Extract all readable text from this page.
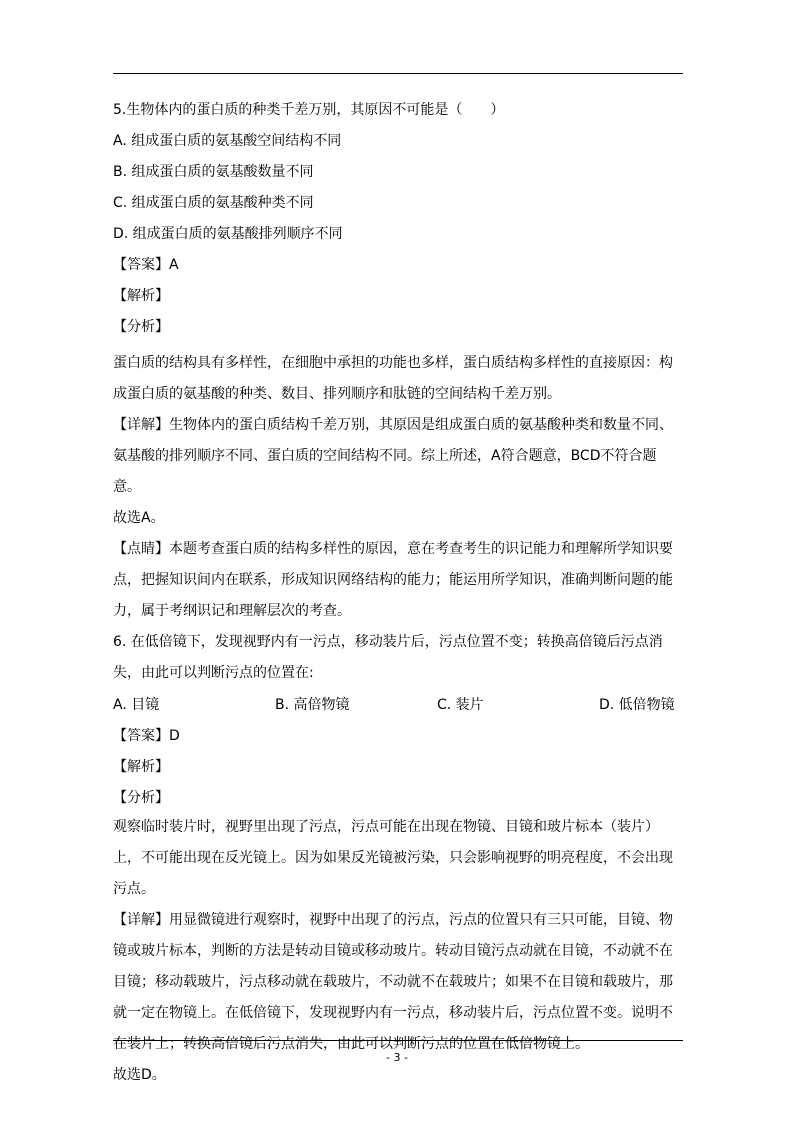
5.生物体内的蛋白质的种类千差万别，其原因不可能是（　　）

A. 组成蛋白质的氨基酸空间结构不同

B. 组成蛋白质的氨基酸数量不同

C. 组成蛋白质的氨基酸种类不同

D. 组成蛋白质的氨基酸排列顺序不同

【答案】A

【解析】

【分析】

蛋白质的结构具有多样性，在细胞中承担的功能也多样，蛋白质结构多样性的直接原因：构成蛋白质的氨基酸的种类、数目、排列顺序和肽链的空间结构千差万别。

【详解】生物体内的蛋白质结构千差万别，其原因是组成蛋白质的氨基酸种类和数量不同、氨基酸的排列顺序不同、蛋白质的空间结构不同。综上所述，A符合题意，BCD不符合题意。

故选A。

【点睛】本题考查蛋白质的结构多样性的原因，意在考查考生的识记能力和理解所学知识要点，把握知识间内在联系，形成知识网络结构的能力；能运用所学知识，准确判断问题的能力，属于考纲识记和理解层次的考查。

6. 在低倍镜下，发现视野内有一污点，移动装片后，污点位置不变；转换高倍镜后污点消失，由此可以判断污点的位置在:

A. 目镜	B. 高倍物镜	C. 装片	D. 低倍物镜

【答案】D

【解析】

【分析】

观察临时装片时，视野里出现了污点，污点可能在出现在物镜、目镜和玻片标本（装片）上，不可能出现在反光镜上。因为如果反光镜被污染，只会影响视野的明亮程度，不会出现污点。

【详解】用显微镜进行观察时，视野中出现了的污点，污点的位置只有三只可能，目镜、物镜或玻片标本，判断的方法是转动目镜或移动玻片。转动目镜污点动就在目镜，不动就不在目镜；移动载玻片，污点移动就在载玻片，不动就不在载玻片；如果不在目镜和载玻片，那就一定在物镜上。在低倍镜下，发现视野内有一污点，移动装片后，污点位置不变。说明不在装片上；转换高倍镜后污点消失，由此可以判断污点的位置在低倍物镜上。

故选D。

- 3 -
